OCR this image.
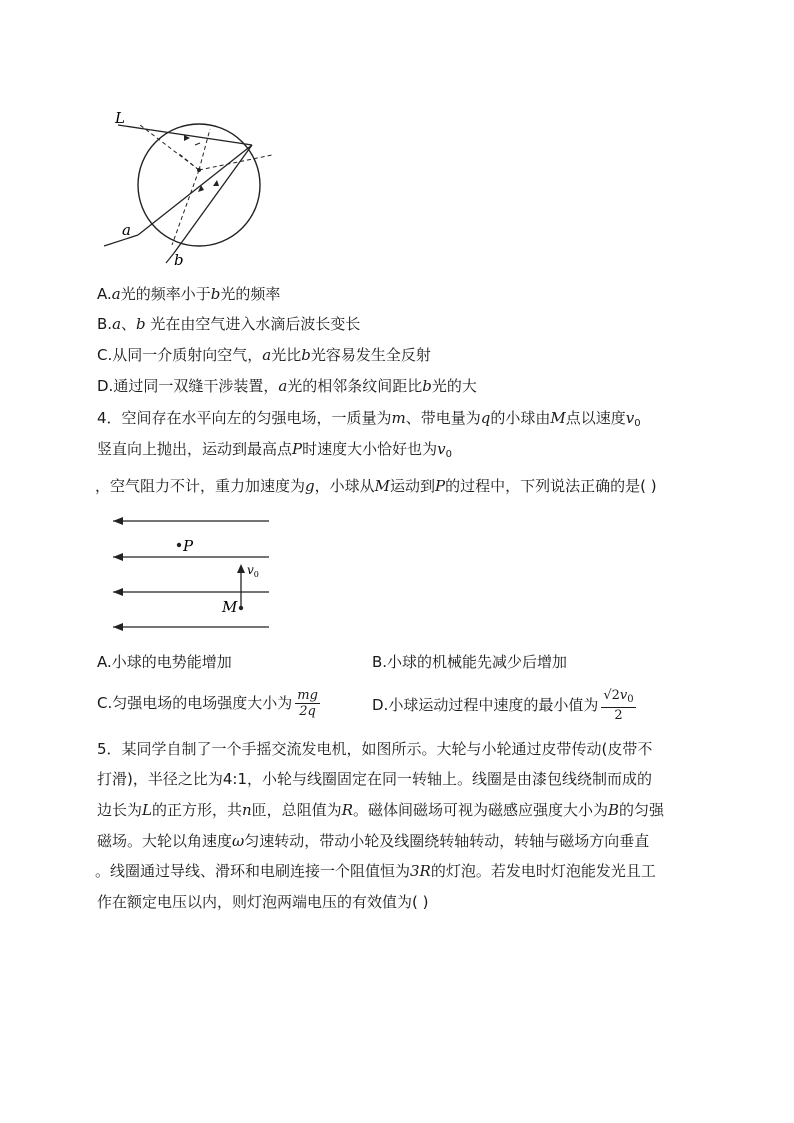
L
a
b
A.a光的频率小于b光的频率
B.a、b 光在由空气进入水滴后波长变长
C.从同一介质射向空气，a光比b光容易发生全反射
D.通过同一双缝干涉装置，a光的相邻条纹间距比b光的大
4．空间存在水平向左的匀强电场，一质量为m、带电量为q的小球由M点以速度$v_0$
竖直向上抛出，运动到最高点P时速度大小恰好也为$v_0$
，空气阻力不计，重力加速度为g，小球从M运动到P的过程中，下列说法正确的是( )
P
M
$v_0$
A.小球的电势能增加	B.小球的机械能先减少后增加
C.匀强电场的电场强度大小为 $\frac{mg}{2q}$	D.小球运动过程中速度的最小值为 $\frac{√2v_0}{2}$
5．某同学自制了一个手摇交流发电机，如图所示。大轮与小轮通过皮带传动(皮带不
打滑)，半径之比为4:1，小轮与线圈固定在同一转轴上。线圈是由漆包线绕制而成的
边长为L的正方形，共n匝，总阻值为R。磁体间磁场可视为磁感应强度大小为B的匀强
磁场。大轮以角速度ω匀速转动，带动小轮及线圈绕转轴转动，转轴与磁场方向垂直
。线圈通过导线、滑环和电刷连接一个阻值恒为3R的灯泡。若发电时灯泡能发光且工
作在额定电压以内，则灯泡两端电压的有效值为( )
